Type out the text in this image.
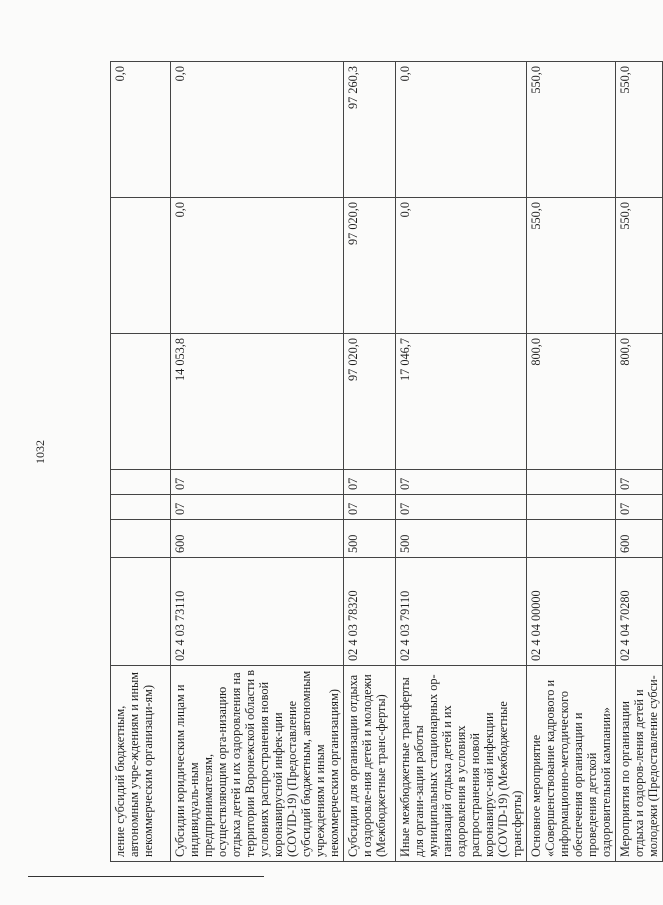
1032
ление субсидий бюджетным, автономным учре-ждениям и иным некоммерческим организаци-ям)							0,0
Субсидии юридическим лицам и индивидуаль-ным предпринимателям, осуществляющим орга-низацию отдыха детей и их оздоровления на территории Воронежской области в условиях распространения новой коронавирусной инфек-ции (COVID-19) (Предоставление субсидий бюджетным, автономным учреждениям и иным некоммерческим организациям)	02 4 03 73110	600	07	07	14 053,8	0,0	0,0
Субсидии для организации отдыха и оздоровле-ния детей и молодежи (Межбюджетные транс-ферты)	02 4 03 78320	500	07	07	97 020,0	97 020,0	97 260,3
Иные межбюджетные трансферты для органи-зации работы муниципальных стационарных ор-ганизаций отдыха детей и их оздоровления в условиях распространения новой коронавирус-ной инфекции (COVID-19) (Межбюджетные трансферты)	02 4 03 79110	500	07	07	17 046,7	0,0	0,0
Основное мероприятие «Совершенствование кадрового и информационно-методического обеспечения организации и проведения детской оздоровительной кампании»	02 4 04 00000				800,0	550,0	550,0
Мероприятия по организации отдыха и оздоров-ления детей и молодежи (Предоставление субси-	02 4 04 70280	600	07	07	800,0	550,0	550,0
